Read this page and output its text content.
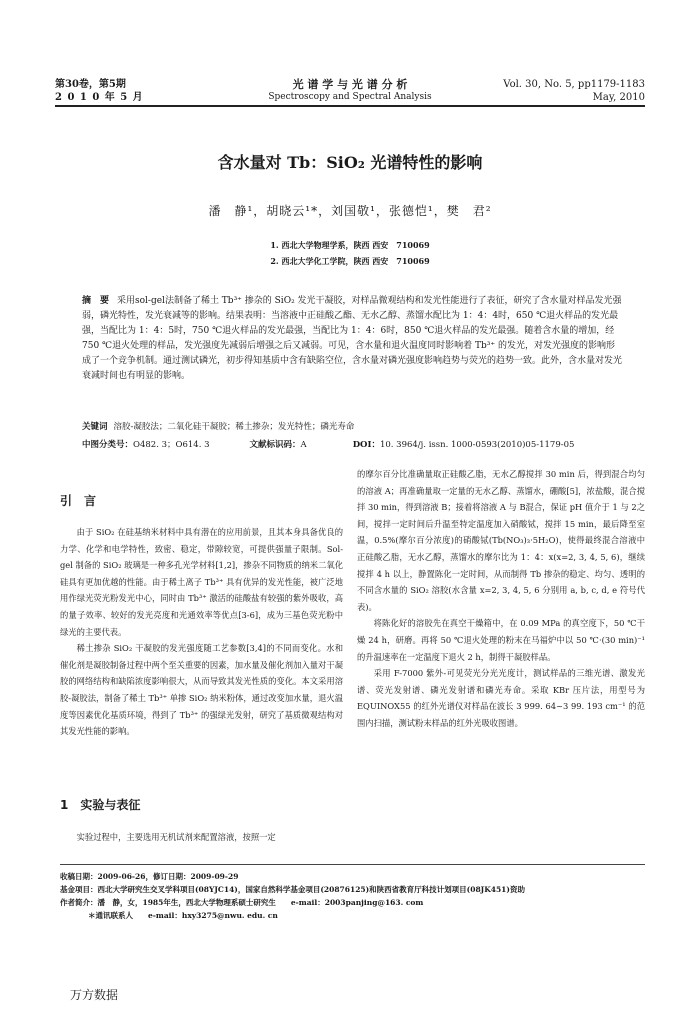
第30卷，第5期
2 0 1 0 年 5 月
光 谱 学 与 光 谱 分 析
Spectroscopy and Spectral Analysis
Vol. 30, No. 5, pp1179-1183
May, 2010
含水量对 Tb：SiO₂ 光谱特性的影响
潘　静¹，胡晓云¹*，刘国敬¹，张德恺¹，樊　君²
1. 西北大学物理学系，陕西 西安　710069
2. 西北大学化工学院，陕西 西安　710069
摘　要 采用sol-gel法制备了稀土 Tb³⁺ 掺杂的 SiO₂ 发光干凝胶，对样品微观结构和发光性能进行了表征，研究了含水量对样品发光强弱，磷光特性，发光衰减等的影响。结果表明：当溶液中正硅酸乙酯、无水乙醇、蒸馏水配比为 1：4：4时，650 ℃退火样品的发光最强，当配比为 1：4：5时，750 ℃退火样品的发光最强，当配比为 1：4：6时，850 ℃退火样品的发光最强。随着含水量的增加，经 750 ℃退火处理的样品，发光强度先减弱后增强之后又减弱。可见，含水量和退火温度同时影响着 Tb³⁺ 的发光，对发光强度的影响形成了一个竞争机制。通过测试磷光，初步得知基质中含有缺陷空位，含水量对磷光强度影响趋势与荧光的趋势一致。此外，含水量对发光衰减时间也有明显的影响。
关键词 溶胶-凝胶法；二氧化硅干凝胶；稀土掺杂；发光特性；磷光寿命
中图分类号：O482. 3；O614. 3	文献标识码：A	DOI：10. 3964/j. issn. 1000-0593(2010)05-1179-05
引　言

由于 SiO₂ 在硅基纳米材料中具有潜在的应用前景，且其本身具备优良的力学、化学和电学特性，致密、稳定，带隙较宽，可提供强量子限制。Sol-gel 制备的 SiO₂ 玻璃是一种多孔光学材料[1,2]，掺杂不同物质的纳米二氧化硅具有更加优越的性能。由于稀土离子 Tb³⁺ 具有优异的发光性能，被广泛地用作绿光荧光粉发光中心，同时由 Tb³⁺ 激活的硅酸盐有较强的紫外吸收，高的量子效率、较好的发光亮度和光通效率等优点[3-6]，成为三基色荧光粉中绿光的主要代表。

稀土掺杂 SiO₂ 干凝胶的发光强度随工艺参数[3,4]的不同而变化。水和催化剂是凝胶制备过程中两个至关重要的因素，加水量及催化剂加入量对干凝胶的网络结构和缺陷浓度影响很大，从而导致其发光性质的变化。本文采用溶胶-凝胶法，制备了稀土 Tb³⁺ 单掺 SiO₂ 纳米粉体，通过改变加水量，退火温度等因素优化基质环境，得到了 Tb³⁺ 的强绿光发射，研究了基质微观结构对其发光性能的影响。

1　实验与表征

实验过程中，主要选用无机试剂来配置溶液，按照一定

的摩尔百分比准确量取正硅酸乙脂，无水乙醇搅拌 30 min 后，得到混合均匀的溶液 A；再准确量取一定量的无水乙醇、蒸馏水，硼酸[5]，浓盐酸，混合搅拌 30 min，得到溶液 B；接着将溶液 A 与 B混合，保证 pH 值介于 1 与 2之间，搅拌一定时间后升温至特定温度加入硝酸铽，搅拌 15 min，最后降至室温，0.5%(摩尔百分浓度)的硝酸铽(Tb(NO₃)₃·5H₂O)，使得最终混合溶液中正硅酸乙脂，无水乙醇，蒸馏水的摩尔比为 1：4：x(x=2, 3, 4, 5, 6)，继续搅拌 4 h 以上，静置陈化一定时间，从而制得 Tb 掺杂的稳定、均匀、透明的不同含水量的 SiO₂ 溶胶(水含量 x=2, 3, 4, 5, 6 分别用 a, b, c, d, e 符号代表)。

将陈化好的溶胶先在真空干燥箱中，在 0.09 MPa 的真空度下，50 ℃干燥 24 h，研磨。再将 50 ℃退火处理的粉末在马福炉中以 50 ℃·(30 min)⁻¹ 的升温速率在一定温度下退火 2 h，制得干凝胶样品。

采用 F-7000 紫外-可见荧光分光光度计，测试样品的三维光谱、激发光谱、荧光发射谱、磷光发射谱和磷光寿命。采取 KBr 压片法，用型号为 EQUINOX55 的红外光谱仪对样品在波长 3 999. 64~3 99. 193 cm⁻¹ 的范围内扫描，测试粉末样品的红外光吸收图谱。

收稿日期：2009-06-26，修订日期：2009-09-29
基金项目：西北大学研究生交叉学科项目(08YJC14)，国家自然科学基金项目(20876125)和陕西省教育厅科技计划项目(08JK451)资助
作者简介：潘　静，女，1985年生，西北大学物理系硕士研究生　　e-mail：2003panjing@163. com
＊通讯联系人　　e-mail：hxy3275@nwu. edu. cn
万方数据
